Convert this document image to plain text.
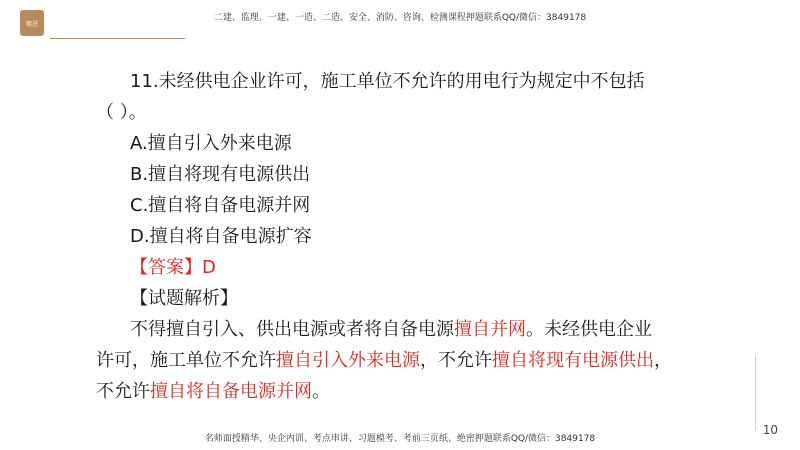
精进
二建、监理、一建、一造、二造、安全、消防、咨询、检测课程押题联系QQ/微信：3849178
11.未经供电企业许可，施工单位不允许的用电行为规定中不包括
（ ）。
A.擅自引入外来电源
B.擅自将现有电源供出
C.擅自将自备电源并网
D.擅自将自备电源扩容
【答案】D
【试题解析】
不得擅自引入、供出电源或者将自备电源擅自并网。未经供电企业
许可，施工单位不允许擅自引入外来电源，不允许擅自将现有电源供出，
不允许擅自将自备电源并网。
名师面授精华、央企内训、考点串讲、习题模考、考前三页纸、绝密押题联系QQ/微信：3849178
10
